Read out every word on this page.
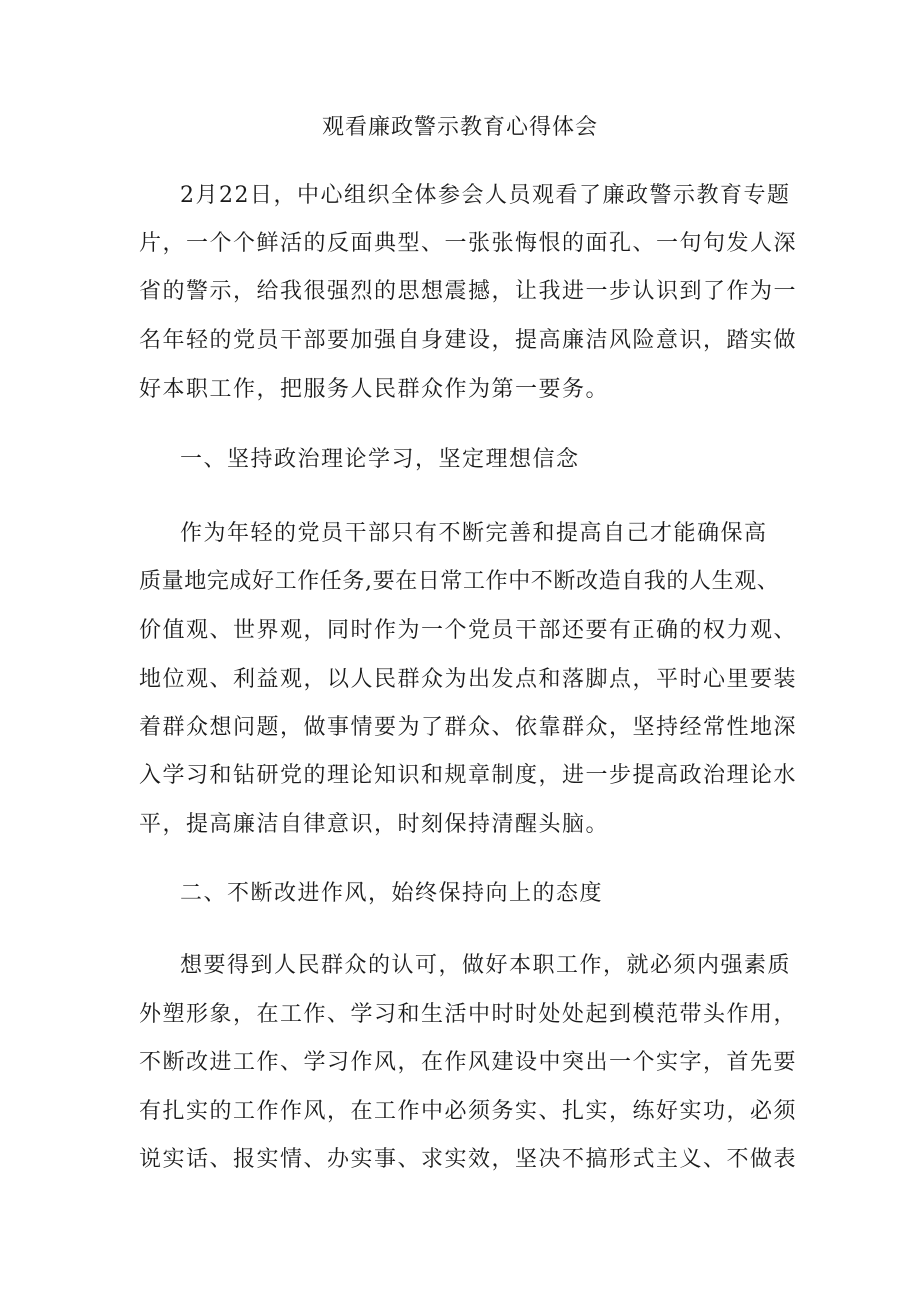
观看廉政警示教育心得体会
2月22日，中心组织全体参会人员观看了廉政警示教育专题
片，一个个鲜活的反面典型、一张张悔恨的面孔、一句句发人深
省的警示，给我很强烈的思想震撼，让我进一步认识到了作为一
名年轻的党员干部要加强自身建设，提高廉洁风险意识，踏实做
好本职工作，把服务人民群众作为第一要务。
一、坚持政治理论学习，坚定理想信念
作为年轻的党员干部只有不断完善和提高自己才能确保高
质量地完成好工作任务,要在日常工作中不断改造自我的人生观、
价值观、世界观，同时作为一个党员干部还要有正确的权力观、
地位观、利益观，以人民群众为出发点和落脚点，平时心里要装
着群众想问题，做事情要为了群众、依靠群众，坚持经常性地深
入学习和钻研党的理论知识和规章制度，进一步提高政治理论水
平，提高廉洁自律意识，时刻保持清醒头脑。
二、不断改进作风，始终保持向上的态度
想要得到人民群众的认可，做好本职工作，就必须内强素质
外塑形象，在工作、学习和生活中时时处处起到模范带头作用，
不断改进工作、学习作风，在作风建设中突出一个实字，首先要
有扎实的工作作风，在工作中必须务实、扎实，练好实功，必须
说实话、报实情、办实事、求实效，坚决不搞形式主义、不做表
